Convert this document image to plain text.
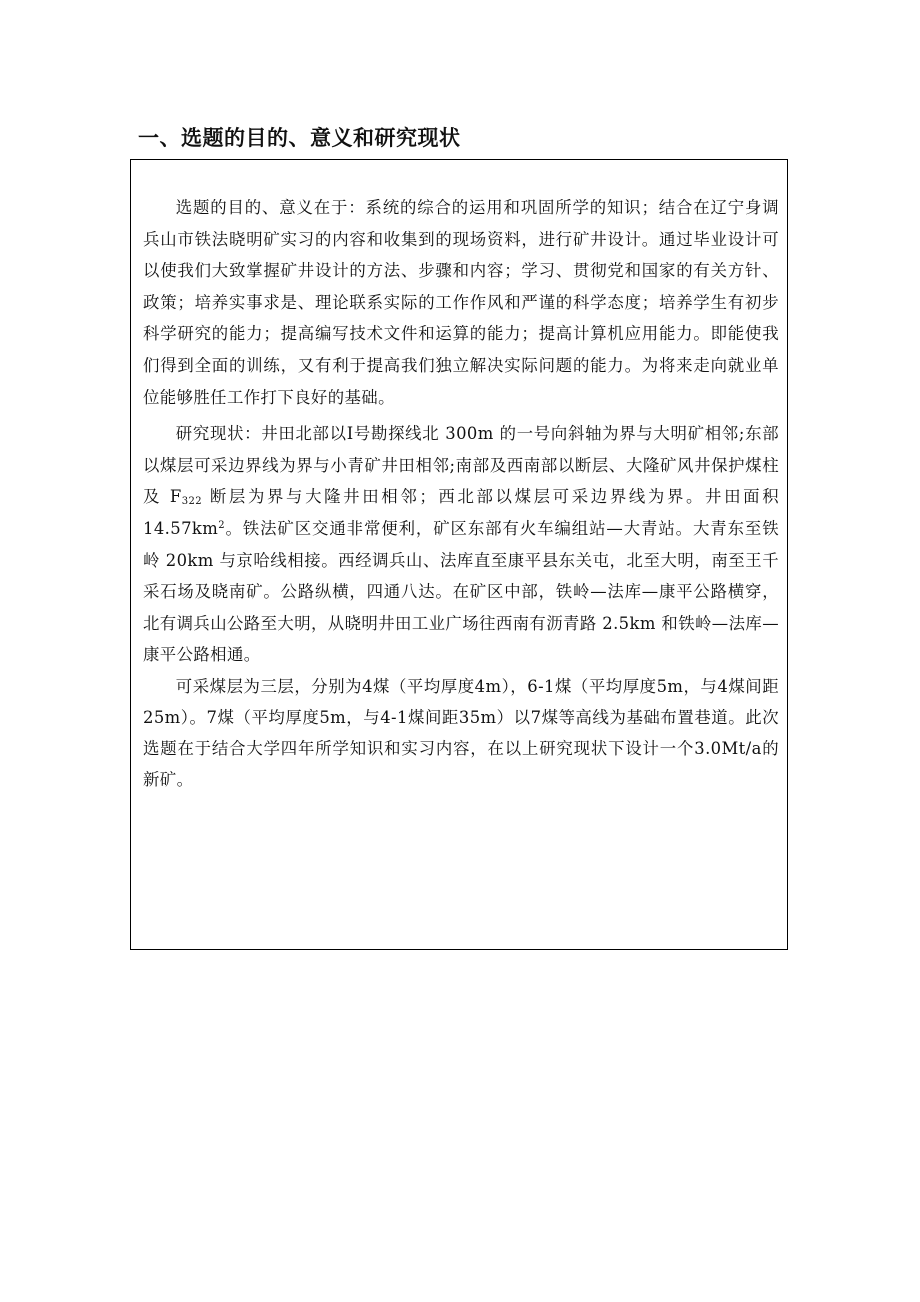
一、选题的目的、意义和研究现状

选题的目的、意义在于：系统的综合的运用和巩固所学的知识；结合在辽宁身调兵山市铁法晓明矿实习的内容和收集到的现场资料，进行矿井设计。通过毕业设计可以使我们大致掌握矿井设计的方法、步骤和内容；学习、贯彻党和国家的有关方针、政策；培养实事求是、理论联系实际的工作作风和严谨的科学态度；培养学生有初步科学研究的能力；提高编写技术文件和运算的能力；提高计算机应用能力。即能使我们得到全面的训练，又有利于提高我们独立解决实际问题的能力。为将来走向就业单位能够胜任工作打下良好的基础。

研究现状：井田北部以Ⅰ号勘探线北 300m 的一号向斜轴为界与大明矿相邻;东部以煤层可采边界线为界与小青矿井田相邻;南部及西南部以断层、大隆矿风井保护煤柱及 $F_{322}$ 断层为界与大隆井田相邻；西北部以煤层可采边界线为界。井田面积 $14.57km^2$。铁法矿区交通非常便利，矿区东部有火车编组站—大青站。大青东至铁岭 20km 与京哈线相接。西经调兵山、法库直至康平县东关屯，北至大明，南至王千采石场及晓南矿。公路纵横，四通八达。在矿区中部，铁岭—法库—康平公路横穿，北有调兵山公路至大明，从晓明井田工业广场往西南有沥青路 2.5km 和铁岭—法库—康平公路相通。

可采煤层为三层，分别为4煤（平均厚度4m），6-1煤（平均厚度5m，与4煤间距25m）。7煤（平均厚度5m，与4-1煤间距35m）以7煤等高线为基础布置巷道。此次选题在于结合大学四年所学知识和实习内容，在以上研究现状下设计一个3.0Mt/a的新矿。
